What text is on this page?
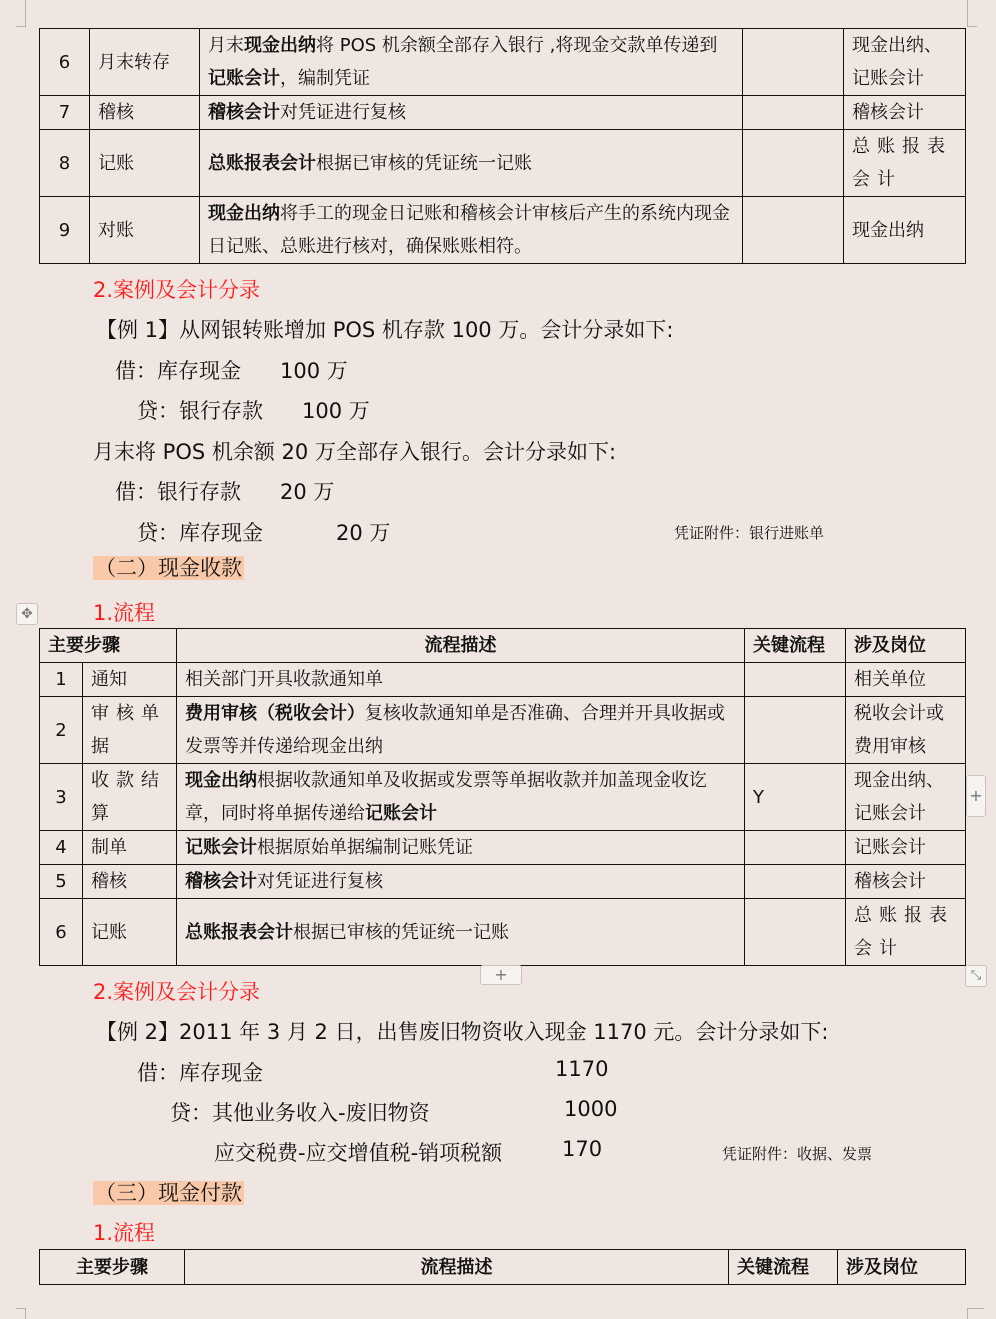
6	月末转存	月末现金出纳将 POS 机余额全部存入银行 ,将现金交款单传递到记账会计，编制凭证		现金出纳、记账会计
7	稽核	稽核会计对凭证进行复核		稽核会计
8	记账	总账报表会计根据已审核的凭证统一记账		总账报表会计
9	对账	现金出纳将手工的现金日记账和稽核会计审核后产生的系统内现金日记账、总账进行核对，确保账账相符。		现金出纳
2.案例及会计分录
【例 1】从网银转账增加 POS 机存款 100 万。会计分录如下:
借：库存现金 100 万
贷：银行存款 100 万
月末将 POS 机余额 20 万全部存入银行。会计分录如下:
借：银行存款 20 万
贷：库存现金	20 万	凭证附件：银行进账单
（二）现金收款
✥	1.流程
主要步骤		流程描述	关键流程	涉及岗位
1	通知	相关部门开具收款通知单		相关单位
2	审核单据	费用审核（税收会计）复核收款通知单是否准确、合理并开具收据或发票等并传递给现金出纳		税收会计或费用审核
3	收款结算	现金出纳根据收款通知单及收据或发票等单据收款并加盖现金收讫章，同时将单据传递给记账会计	Y	现金出纳、记账会计
4	制单	记账会计根据原始单据编制记账凭证		记账会计
5	稽核	稽核会计对凭证进行复核		稽核会计
6	记账	总账报表会计根据已审核的凭证统一记账		总账报表会计
+
+	⤡
2.案例及会计分录
【例 2】2011 年 3 月 2 日，出售废旧物资收入现金 1170 元。会计分录如下:
借：库存现金	1170
贷：其他业务收入-废旧物资	1000
应交税费-应交增值税-销项税额	170	凭证附件：收据、发票
（三）现金付款
1.流程
主要步骤	流程描述	关键流程	涉及岗位
